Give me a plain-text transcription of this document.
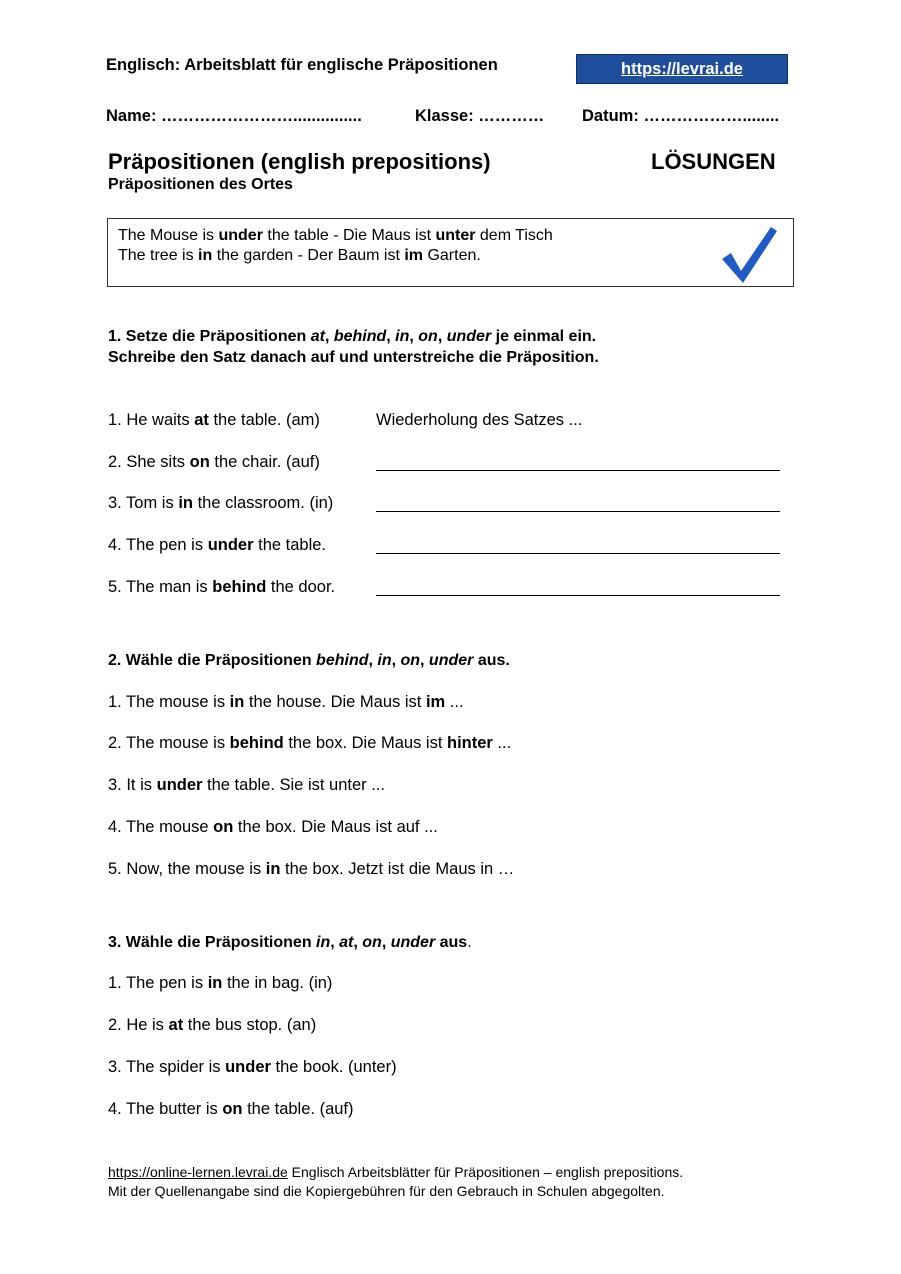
Englisch: Arbeitsblatt für englische Präpositionen	https://levrai.de
Name: ……………………...............	Klasse: ………… Datum: ………………........
Präpositionen (english prepositions)	LÖSUNGEN
Präpositionen des Ortes
The Mouse is under the table - Die Maus ist unter dem Tisch
The tree is in the garden - Der Baum ist im Garten.
1. Setze die Präpositionen at, behind, in, on, under je einmal ein.
Schreibe den Satz danach auf und unterstreiche die Präposition.
1. He waits at the table. (am)	Wiederholung des Satzes ...
2. She sits on the chair. (auf)
3. Tom is in the classroom. (in)
4. The pen is under the table.
5. The man is behind the door.
2. Wähle die Präpositionen behind, in, on, under aus.
1. The mouse is in the house. Die Maus ist im ...
2. The mouse is behind the box. Die Maus ist hinter ...
3. It is under the table. Sie ist unter ...
4. The mouse on the box. Die Maus ist auf ...
5. Now, the mouse is in the box. Jetzt ist die Maus in …
3. Wähle die Präpositionen in, at, on, under aus.
1. The pen is in the in bag. (in)
2. He is at the bus stop. (an)
3. The spider is under the book. (unter)
4. The butter is on the table. (auf)
https://online-lernen.levrai.de Englisch Arbeitsblätter für Präpositionen – english prepositions.
Mit der Quellenangabe sind die Kopiergebühren für den Gebrauch in Schulen abgegolten.
